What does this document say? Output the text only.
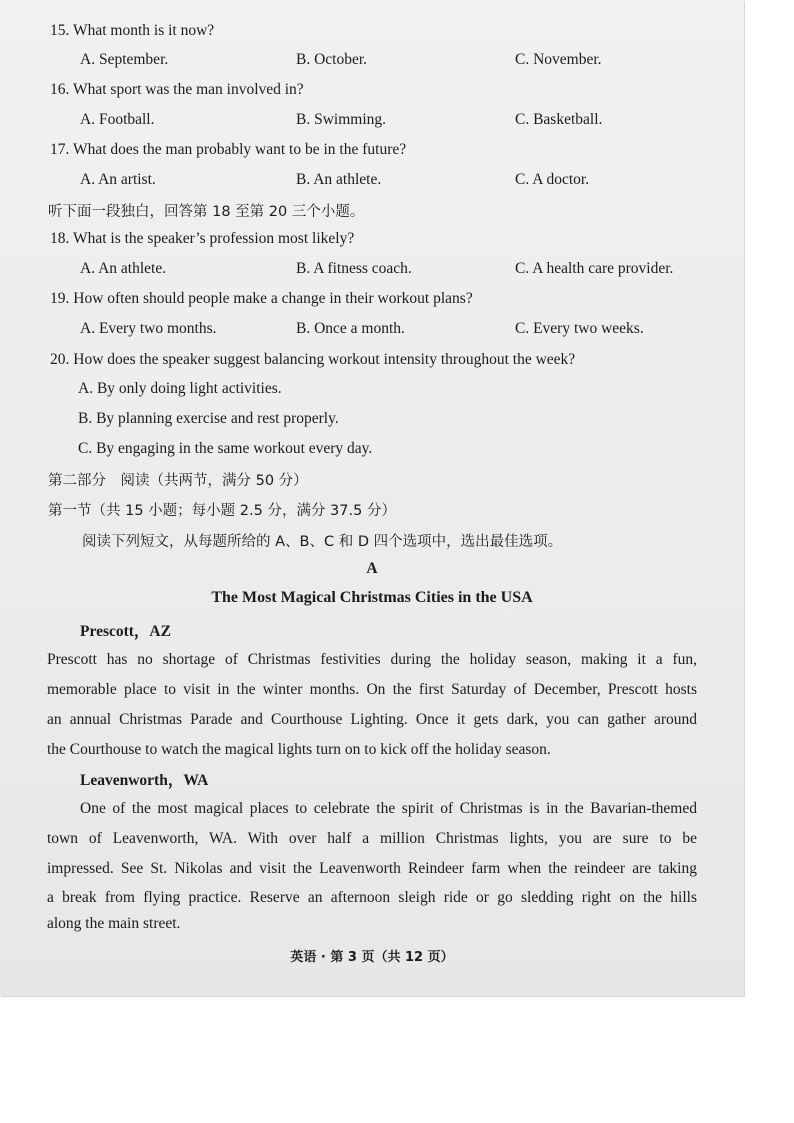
15. What month is it now?
A. September.	B. October.	C. November.
16. What sport was the man involved in?
A. Football.	B. Swimming.	C. Basketball.
17. What does the man probably want to be in the future?
A. An artist.	B. An athlete.	C. A doctor.
听下面一段独白，回答第 18 至第 20 三个小题。
18. What is the speaker’s profession most likely?
A. An athlete.	B. A fitness coach.	C. A health care provider.
19. How often should people make a change in their workout plans?
A. Every two months.	B. Once a month.	C. Every two weeks.
20. How does the speaker suggest balancing workout intensity throughout the week?
A. By only doing light activities.
B. By planning exercise and rest properly.
C. By engaging in the same workout every day.
第二部分　阅读（共两节，满分 50 分）
第一节（共 15 小题；每小题 2.5 分，满分 37.5 分）
阅读下列短文，从每题所给的 A、B、C 和 D 四个选项中，选出最佳选项。
A
The Most Magical Christmas Cities in the USA
Prescott，AZ
Prescott has no shortage of Christmas festivities during the holiday season, making it a fun,
memorable place to visit in the winter months. On the first Saturday of December, Prescott hosts
an annual Christmas Parade and Courthouse Lighting. Once it gets dark, you can gather around
the Courthouse to watch the magical lights turn on to kick off the holiday season.
Leavenworth，WA
One of the most magical places to celebrate the spirit of Christmas is in the Bavarian-themed
town of Leavenworth, WA. With over half a million Christmas lights, you are sure to be
impressed. See St. Nikolas and visit the Leavenworth Reindeer farm when the reindeer are taking
a break from flying practice. Reserve an afternoon sleigh ride or go sledding right on the hills
along the main street.
英语 · 第 3 页（共 12 页）
